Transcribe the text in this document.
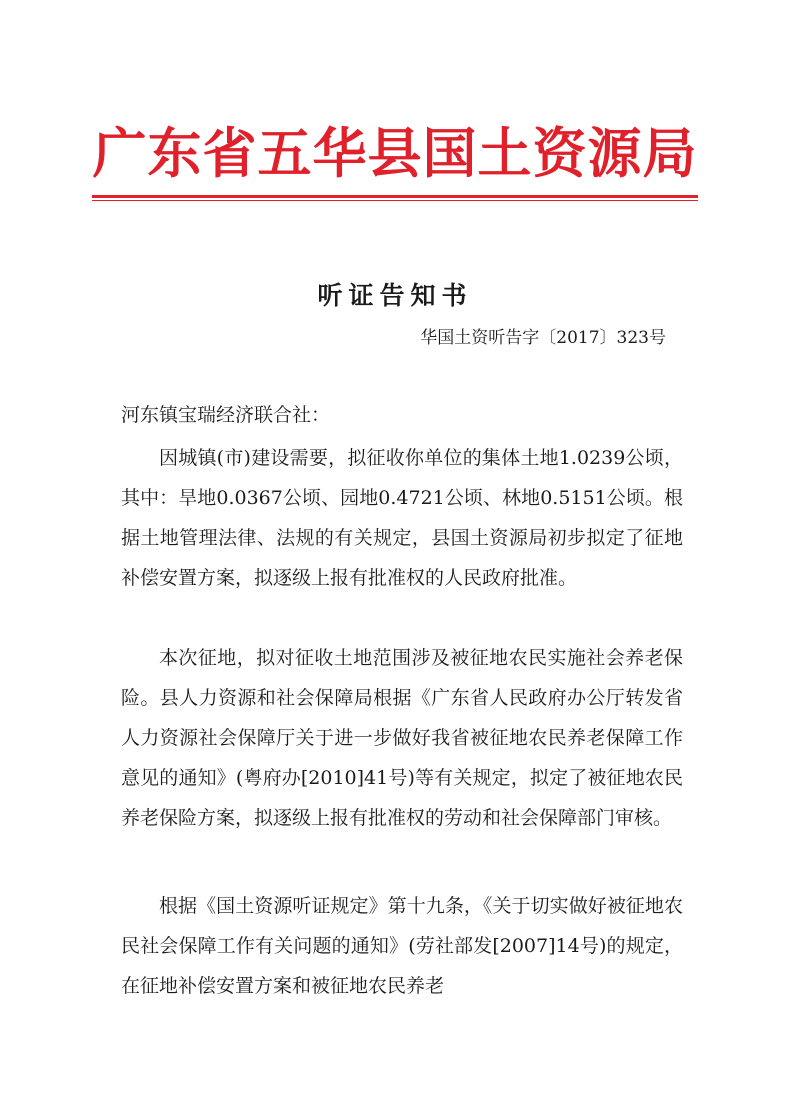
广东省五华县国土资源局
听证告知书
华国土资听告字〔2017〕323号
河东镇宝瑞经济联合社：

因城镇(市)建设需要，拟征收你单位的集体土地1.0239公顷，其中：旱地0.0367公顷、园地0.4721公顷、林地0.5151公顷。根据土地管理法律、法规的有关规定，县国土资源局初步拟定了征地补偿安置方案，拟逐级上报有批准权的人民政府批准。

本次征地，拟对征收土地范围涉及被征地农民实施社会养老保险。县人力资源和社会保障局根据《广东省人民政府办公厅转发省人力资源社会保障厅关于进一步做好我省被征地农民养老保障工作意见的通知》(粤府办[2010]41号)等有关规定，拟定了被征地农民养老保险方案，拟逐级上报有批准权的劳动和社会保障部门审核。

根据《国土资源听证规定》第十九条，《关于切实做好被征地农民社会保障工作有关问题的通知》(劳社部发[2007]14号)的规定，在征地补偿安置方案和被征地农民养老
